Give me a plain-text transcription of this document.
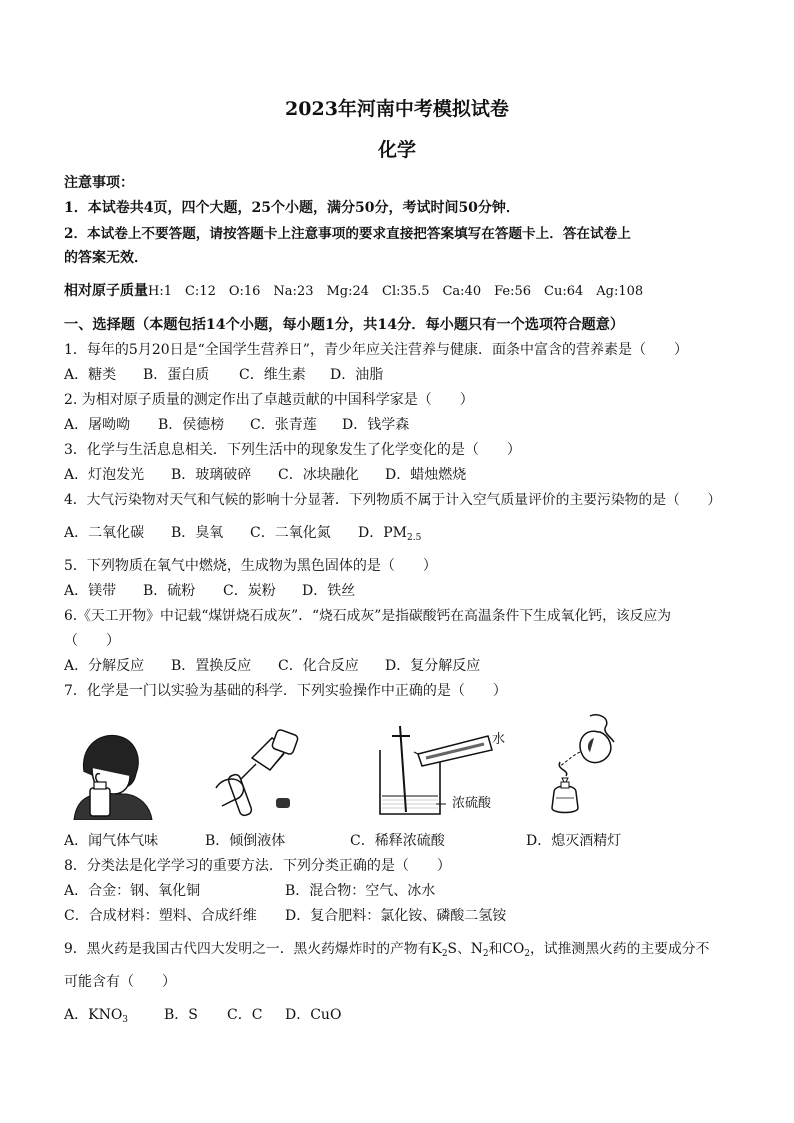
2023年河南中考模拟试卷
化学
注意事项：
1．本试卷共4页，四个大题，25个小题，满分50分，考试时间50分钟．
2．本试卷上不要答题，请按答题卡上注意事项的要求直接把答案填写在答题卡上．答在试卷上
的答案无效．
相对原子质量H:1　C:12　O:16　Na:23　Mg:24　Cl:35.5　Ca:40　Fe:56　Cu:64　Ag:108
一、选择题（本题包括14个小题，每小题1分，共14分．每小题只有一个选项符合题意）
1．每年的5月20日是“全国学生营养日”，青少年应关注营养与健康．面条中富含的营养素是（　　）
A．糖类 B．蛋白质 C．维生素 D．油脂
2. 为相对原子质量的测定作出了卓越贡献的中国科学家是（　　）
A．屠呦呦 B．侯德榜 C．张青莲 D．钱学森
3．化学与生活息息相关．下列生活中的现象发生了化学变化的是（　　）
A．灯泡发光 B．玻璃破碎 C．冰块融化 D．蜡烛燃烧
4．大气污染物对天气和气候的影响十分显著．下列物质不属于计入空气质量评价的主要污染物的是（　　）
A．二氧化碳 B．臭氧 C．二氧化氮 D．$PM_{2.5}$
5．下列物质在氧气中燃烧，生成物为黑色固体的是（　　）
A．镁带 B．硫粉 C．炭粉 D．铁丝
6.《天工开物》中记载“煤饼烧石成灰”．“烧石成灰”是指碳酸钙在高温条件下生成氧化钙，该反应为
（　　）
A．分解反应 B．置换反应 C．化合反应 D．复分解反应
7．化学是一门以实验为基础的科学．下列实验操作中正确的是（　　）
水
浓硫酸
A．闻气体气味	B．倾倒液体	C．稀释浓硫酸	D．熄灭酒精灯
8．分类法是化学学习的重要方法．下列分类正确的是（　　）
A．合金：钢、氧化铜	B．混合物：空气、冰水
C．合成材料：塑料、合成纤维 D．复合肥料：氯化铵、磷酸二氢铵
9．黑火药是我国古代四大发明之一．黑火药爆炸时的产物有$K_2S$、$N_2$和$CO_2$，试推测黑火药的主要成分不
可能含有（　　）
A．$KNO_3$	B．S C．C D．CuO
